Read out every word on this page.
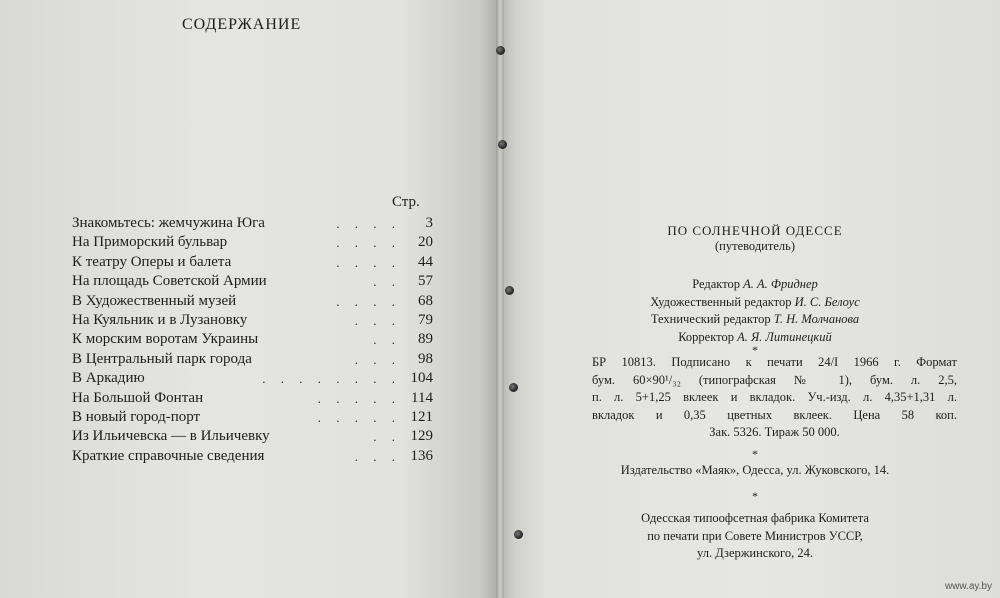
СОДЕРЖАНИЕ
Стр.
Знакомьтесь: жемчужина Юга	. . . . 3
На Приморский бульвар	. . . . 20
К театру Оперы и балета	. . . . 44
На площадь Советской Армии	. . 57
В Художественный музей	. . . . 68
На Куяльник и в Лузановку	. . . 79
К морским воротам Украины	. . 89
В Центральный парк города	. . . 98
В Аркадию	. . . . . . . . 104
На Большой Фонтан	. . . . . 114
В новый город-порт	. . . . . 121
Из Ильичевска — в Ильичевку	. . 129
Краткие справочные сведения	. . . 136
ПО СОЛНЕЧНОЙ ОДЕССЕ
(путеводитель)
Редактор А. А. Фриднер
Художественный редактор И. С. Белоус
Технический редактор Т. Н. Молчанова
Корректор А. Я. Литинецкий
*
БР 10813. Подписано к печати 24/I 1966 г. Формат
бум. 60×90¹/₃₂ (типографская № 1), бум. л. 2,5,
п. л. 5+1,25 вклеек и вкладок. Уч.-изд. л. 4,35+1,31 л.
вкладок и 0,35 цветных вклеек. Цена 58 коп.
Зак. 5326. Тираж 50 000.
*
Издательство «Маяк», Одесса, ул. Жуковского, 14.
*
Одесская типоофсетная фабрика Комитета
по печати при Совете Министров УССР,
ул. Дзержинского, 24.
www.ay.by
